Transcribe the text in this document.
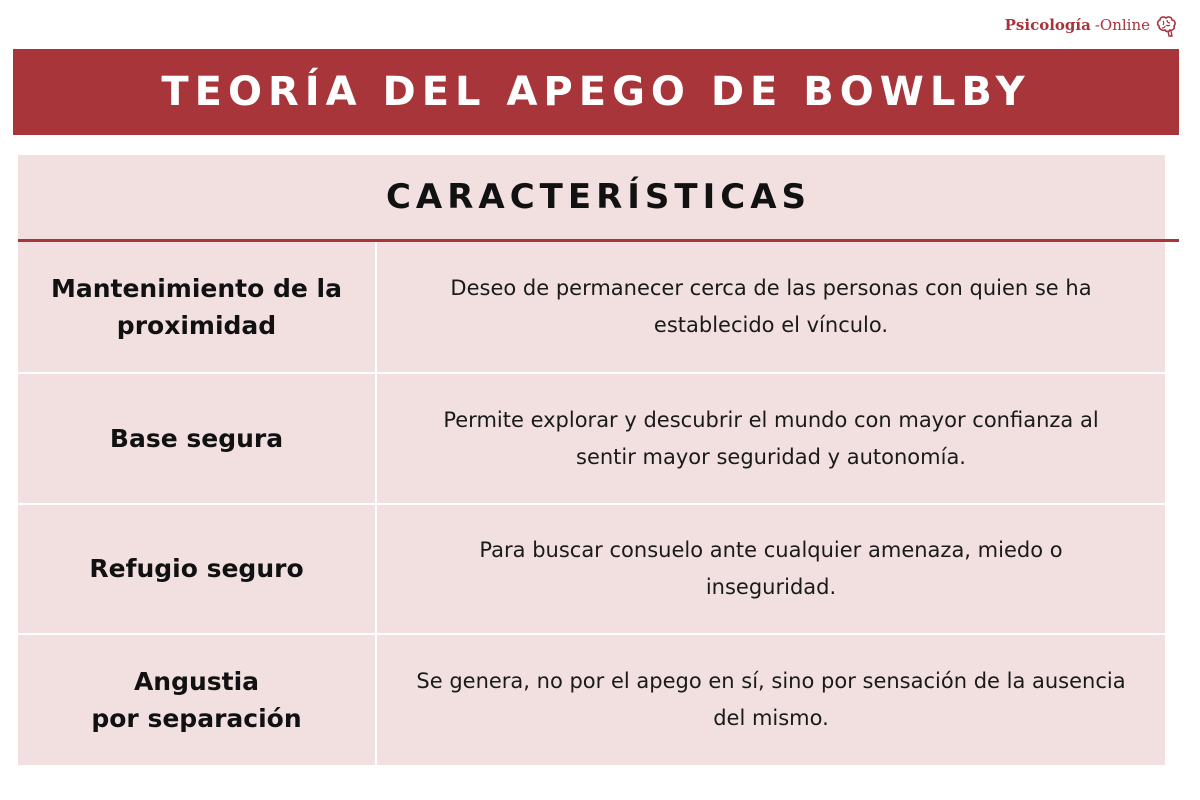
Psicología -Online
TEORÍA DEL APEGO DE BOWLBY
CARACTERÍSTICAS
Mantenimiento de la
proximidad
Deseo de permanecer cerca de las personas con quien se ha
establecido el vínculo.
Base segura
Permite explorar y descubrir el mundo con mayor confianza al
sentir mayor seguridad y autonomía.
Refugio seguro
Para buscar consuelo ante cualquier amenaza, miedo o
inseguridad.
Angustia
por separación
Se genera, no por el apego en sí, sino por sensación de la ausencia
del mismo.
